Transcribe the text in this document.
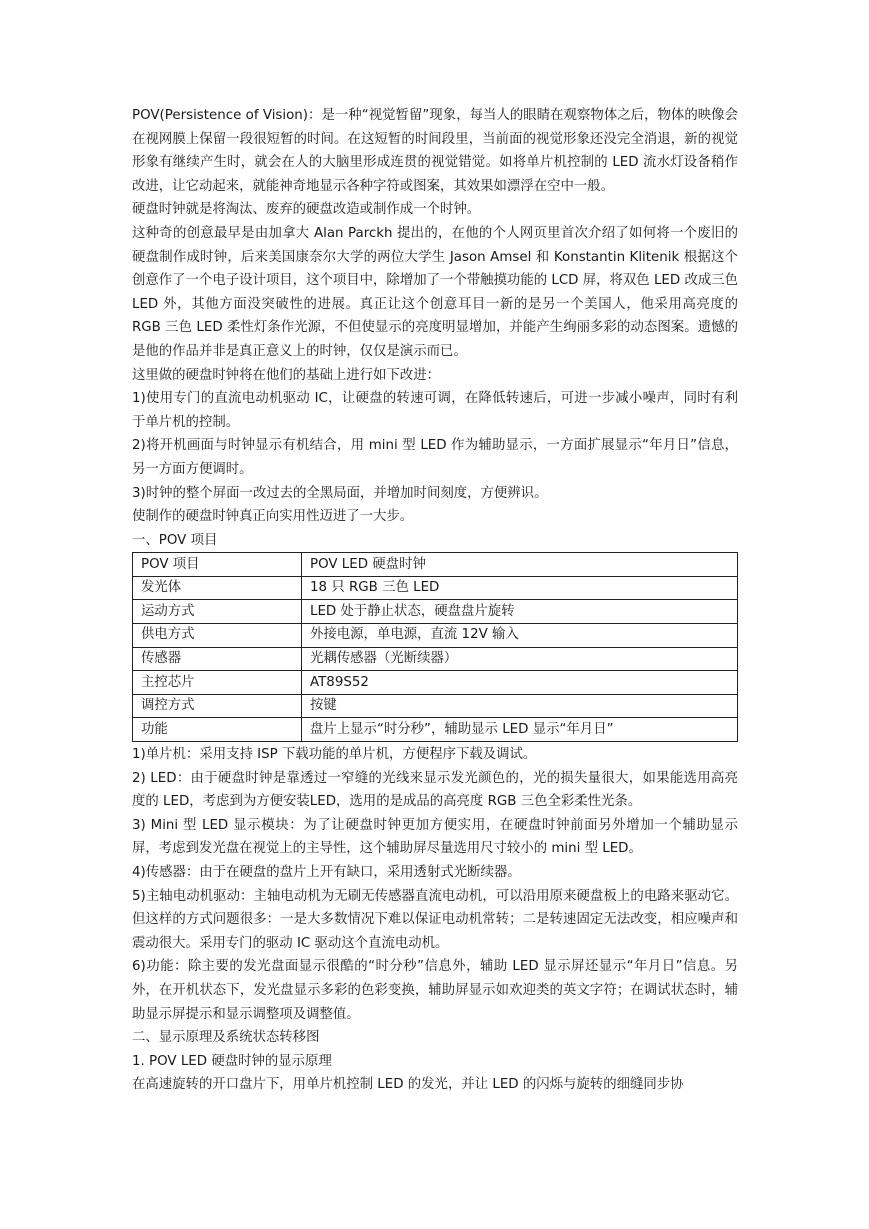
POV(Persistence of Vision)：是一种“视觉暂留”现象，每当人的眼睛在观察物体之后，物体的映像会在视网膜上保留一段很短暂的时间。在这短暂的时间段里，当前面的视觉形象还没完全消退，新的视觉形象有继续产生时，就会在人的大脑里形成连贯的视觉错觉。如将单片机控制的 LED 流水灯设备稍作改进，让它动起来，就能神奇地显示各种字符或图案，其效果如漂浮在空中一般。

硬盘时钟就是将淘汰、废弃的硬盘改造或制作成一个时钟。

这种奇的创意最早是由加拿大 Alan Parckh 提出的，在他的个人网页里首次介绍了如何将一个废旧的硬盘制作成时钟，后来美国康奈尔大学的两位大学生 Jason Amsel 和 Konstantin Klitenik 根据这个创意作了一个电子设计项目，这个项目中，除增加了一个带触摸功能的 LCD 屏，将双色 LED 改成三色 LED 外，其他方面没突破性的进展。真正让这个创意耳目一新的是另一个美国人，他采用高亮度的 RGB 三色 LED 柔性灯条作光源，不但使显示的亮度明显增加，并能产生绚丽多彩的动态图案。遗憾的是他的作品并非是真正意义上的时钟，仅仅是演示而已。

这里做的硬盘时钟将在他们的基础上进行如下改进：

1)使用专门的直流电动机驱动 IC，让硬盘的转速可调，在降低转速后，可进一步减小噪声，同时有利于单片机的控制。

2)将开机画面与时钟显示有机结合，用 mini 型 LED 作为辅助显示，一方面扩展显示“年月日”信息，另一方面方便调时。

3)时钟的整个屏面一改过去的全黑局面，并增加时间刻度，方便辨识。

使制作的硬盘时钟真正向实用性迈进了一大步。

一、POV 项目

POV 项目	POV LED 硬盘时钟
发光体	18 只 RGB 三色 LED
运动方式	LED 处于静止状态，硬盘盘片旋转
供电方式	外接电源，单电源，直流 12V 输入
传感器	光耦传感器（光断续器）
主控芯片	AT89S52
调控方式	按键
功能	盘片上显示“时分秒”，辅助显示 LED 显示“年月日”

1)单片机：采用支持 ISP 下载功能的单片机，方便程序下载及调试。

2) LED：由于硬盘时钟是靠透过一窄缝的光线来显示发光颜色的，光的损失量很大，如果能选用高亮度的 LED，考虑到为方便安装LED，选用的是成品的高亮度 RGB 三色全彩柔性光条。

3) Mini 型 LED 显示模块：为了让硬盘时钟更加方便实用，在硬盘时钟前面另外增加一个辅助显示屏，考虑到发光盘在视觉上的主导性，这个辅助屏尽量选用尺寸较小的 mini 型 LED。

4)传感器：由于在硬盘的盘片上开有缺口，采用透射式光断续器。

5)主轴电动机驱动：主轴电动机为无刷无传感器直流电动机，可以沿用原来硬盘板上的电路来驱动它。但这样的方式问题很多：一是大多数情况下难以保证电动机常转；二是转速固定无法改变，相应噪声和震动很大。采用专门的驱动 IC 驱动这个直流电动机。

6)功能：除主要的发光盘面显示很酷的“时分秒”信息外，辅助 LED 显示屏还显示“年月日”信息。另外，在开机状态下，发光盘显示多彩的色彩变换，辅助屏显示如欢迎类的英文字符；在调试状态时，辅助显示屏提示和显示调整项及调整值。

二、显示原理及系统状态转移图

1. POV LED 硬盘时钟的显示原理

在高速旋转的开口盘片下，用单片机控制 LED 的发光，并让 LED 的闪烁与旋转的细缝同步协
